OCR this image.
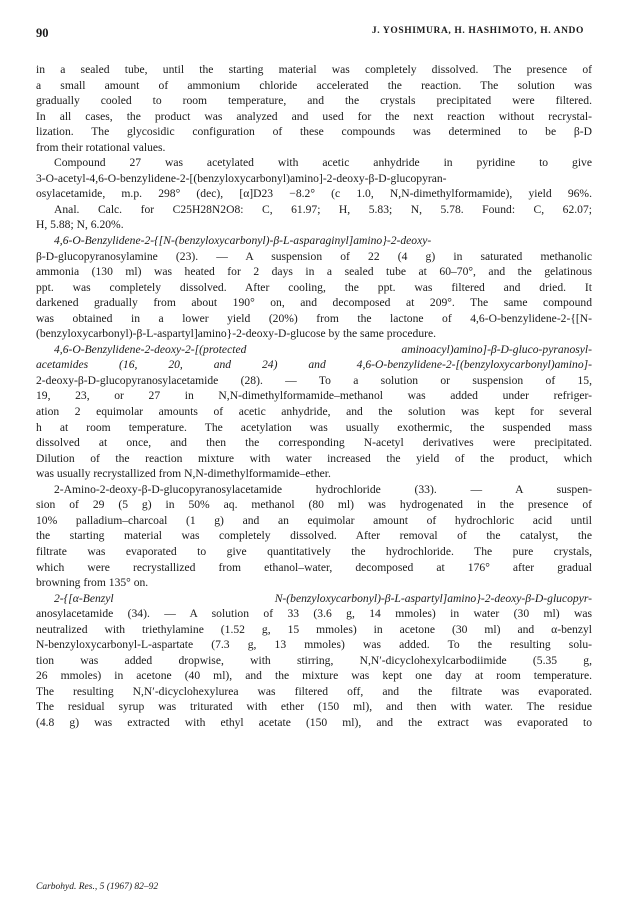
90	J. YOSHIMURA, H. HASHIMOTO, H. ANDO
in a sealed tube, until the starting material was completely dissolved. The presence of
a small amount of ammonium chloride accelerated the reaction. The solution was
gradually cooled to room temperature, and the crystals precipitated were filtered.
In all cases, the product was analyzed and used for the next reaction without recrystal-
lization. The glycosidic configuration of these compounds was determined to be β-D
from their rotational values.
Compound 27 was acetylated with acetic anhydride in pyridine to give
3-O-acetyl-4,6-O-benzylidene-2-[(benzyloxycarbonyl)amino]-2-deoxy-β-D-glucopyran-
osylacetamide, m.p. 298° (dec), [α]D23 −8.2° (c 1.0, N,N-dimethylformamide), yield 96%.
Anal. Calc. for C25H28N2O8: C, 61.97; H, 5.83; N, 5.78. Found: C, 62.07;
H, 5.88; N, 6.20%.
4,6-O-Benzylidene-2-{[N-(benzyloxycarbonyl)-β-L-asparaginyl]amino}-2-deoxy-
β-D-glucopyranosylamine (23). — A suspension of 22 (4 g) in saturated methanolic
ammonia (130 ml) was heated for 2 days in a sealed tube at 60–70°, and the gelatinous
ppt. was completely dissolved. After cooling, the ppt. was filtered and dried. It
darkened gradually from about 190° on, and decomposed at 209°. The same compound
was obtained in a lower yield (20%) from the lactone of 4,6-O-benzylidene-2-{[N-
(benzyloxycarbonyl)-β-L-aspartyl]amino}-2-deoxy-D-glucose by the same procedure.
4,6-O-Benzylidene-2-deoxy-2-[(protected aminoacyl)amino]-β-D-gluco-pyranosyl-
acetamides (16, 20, and 24) and 4,6-O-benzylidene-2-[(benzyloxycarbonyl)amino]-
2-deoxy-β-D-glucopyranosylacetamide (28). — To a solution or suspension of 15,
19, 23, or 27 in N,N-dimethylformamide–methanol was added under refriger-
ation 2 equimolar amounts of acetic anhydride, and the solution was kept for several
h at room temperature. The acetylation was usually exothermic, the suspended mass
dissolved at once, and then the corresponding N-acetyl derivatives were precipitated.
Dilution of the reaction mixture with water increased the yield of the product, which
was usually recrystallized from N,N-dimethylformamide–ether.
2-Amino-2-deoxy-β-D-glucopyranosylacetamide hydrochloride (33). — A suspen-
sion of 29 (5 g) in 50% aq. methanol (80 ml) was hydrogenated in the presence of
10% palladium–charcoal (1 g) and an equimolar amount of hydrochloric acid until
the starting material was completely dissolved. After removal of the catalyst, the
filtrate was evaporated to give quantitatively the hydrochloride. The pure crystals,
which were recrystallized from ethanol–water, decomposed at 176° after gradual
browning from 135° on.
2-{[α-Benzyl N-(benzyloxycarbonyl)-β-L-aspartyl]amino}-2-deoxy-β-D-glucopyr-
anosylacetamide (34). — A solution of 33 (3.6 g, 14 mmoles) in water (30 ml) was
neutralized with triethylamine (1.52 g, 15 mmoles) in acetone (30 ml) and α-benzyl
N-benzyloxycarbonyl-L-aspartate (7.3 g, 13 mmoles) was added. To the resulting solu-
tion was added dropwise, with stirring, N,N′-dicyclohexylcarbodiimide (5.35 g,
26 mmoles) in acetone (40 ml), and the mixture was kept one day at room temperature.
The resulting N,N′-dicyclohexylurea was filtered off, and the filtrate was evaporated.
The residual syrup was triturated with ether (150 ml), and then with water. The residue
(4.8 g) was extracted with ethyl acetate (150 ml), and the extract was evaporated to
Carbohyd. Res., 5 (1967) 82–92
